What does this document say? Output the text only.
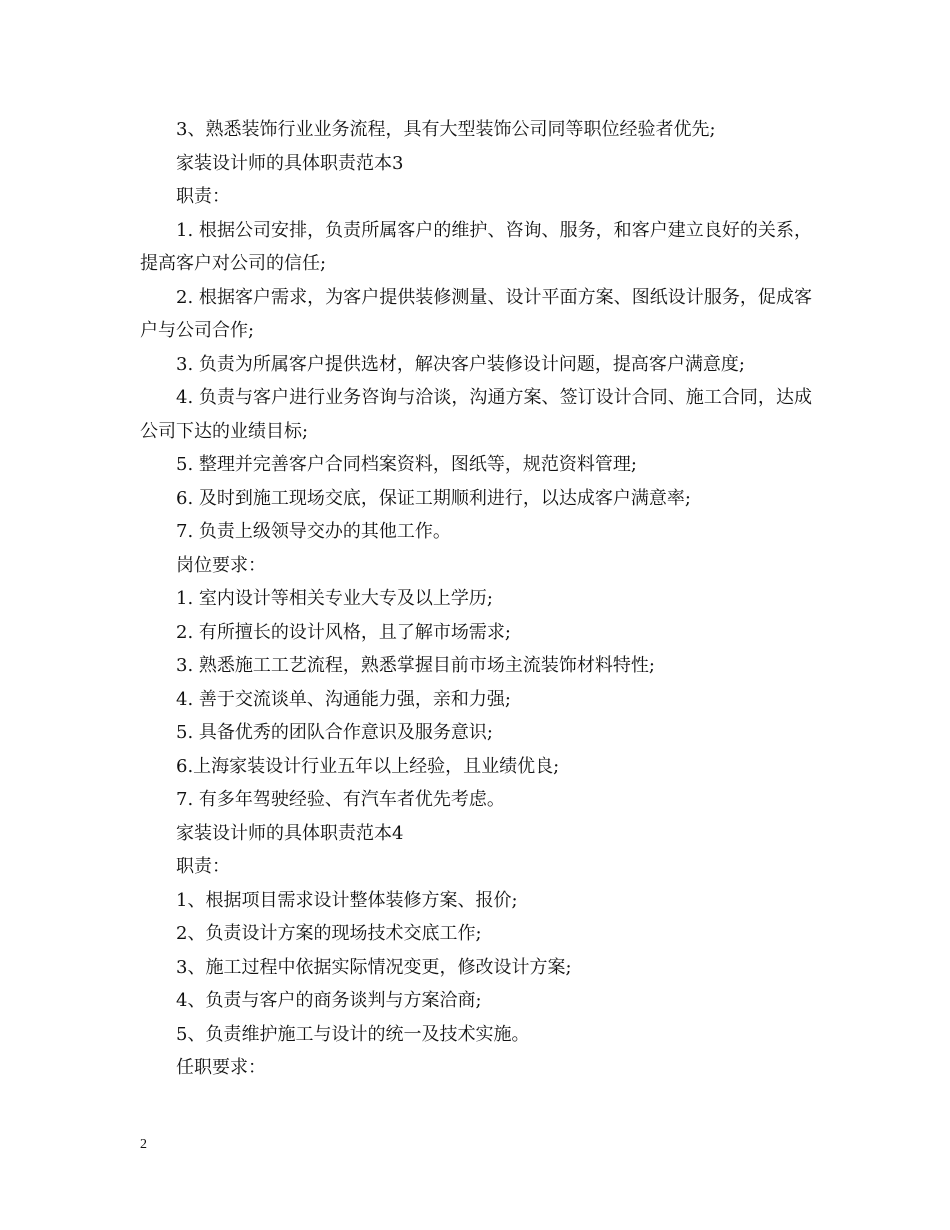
3、熟悉装饰行业业务流程，具有大型装饰公司同等职位经验者优先;

家装设计师的具体职责范本3

职责：

1. 根据公司安排，负责所属客户的维护、咨询、服务，和客户建立良好的关系，提高客户对公司的信任;

2. 根据客户需求，为客户提供装修测量、设计平面方案、图纸设计服务，促成客户与公司合作;

3. 负责为所属客户提供选材，解决客户装修设计问题，提高客户满意度;

4. 负责与客户进行业务咨询与洽谈，沟通方案、签订设计合同、施工合同，达成公司下达的业绩目标;

5. 整理并完善客户合同档案资料，图纸等，规范资料管理;

6. 及时到施工现场交底，保证工期顺利进行，以达成客户满意率;

7. 负责上级领导交办的其他工作。

岗位要求：

1. 室内设计等相关专业大专及以上学历;

2. 有所擅长的设计风格，且了解市场需求;

3. 熟悉施工工艺流程，熟悉掌握目前市场主流装饰材料特性;

4. 善于交流谈单、沟通能力强，亲和力强;

5. 具备优秀的团队合作意识及服务意识;

6.上海家装设计行业五年以上经验，且业绩优良;

7. 有多年驾驶经验、有汽车者优先考虑。

家装设计师的具体职责范本4

职责：

1、根据项目需求设计整体装修方案、报价;

2、负责设计方案的现场技术交底工作;

3、施工过程中依据实际情况变更，修改设计方案;

4、负责与客户的商务谈判与方案洽商;

5、负责维护施工与设计的统一及技术实施。

任职要求：

2
